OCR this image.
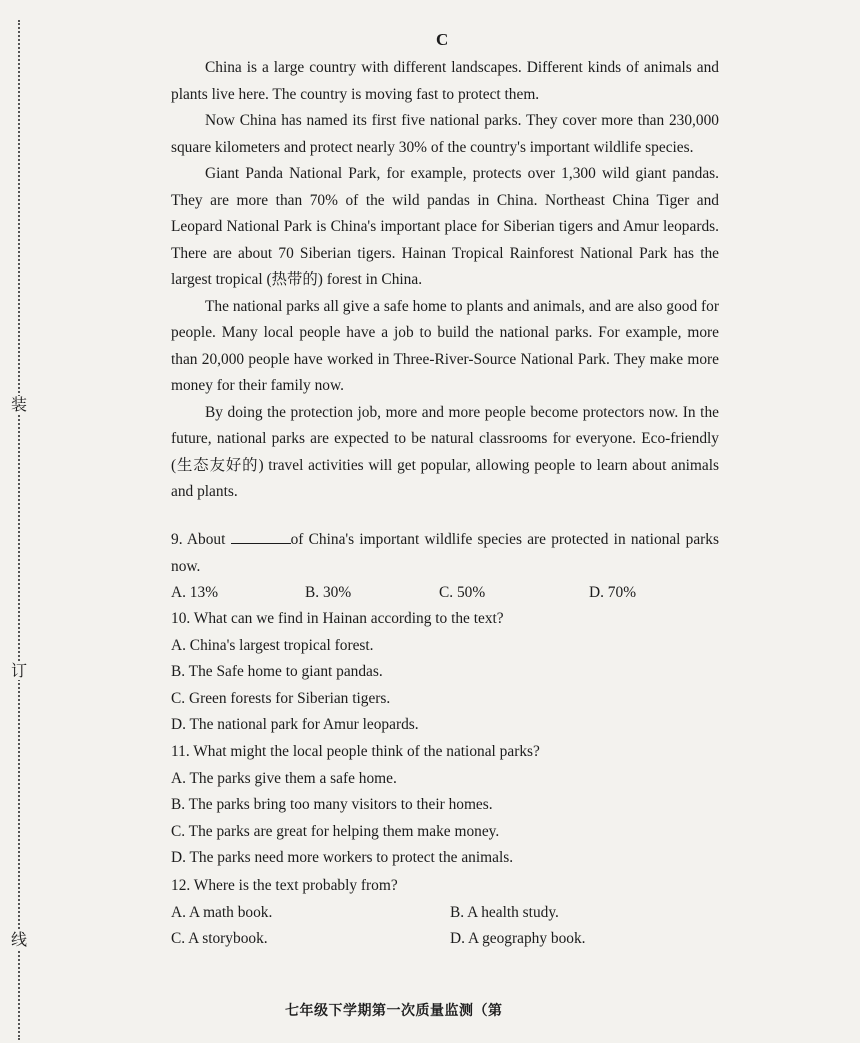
装
订
线
C

China is a large country with different landscapes. Different kinds of animals and plants live here. The country is moving fast to protect them.

Now China has named its first five national parks. They cover more than 230,000 square kilometers and protect nearly 30% of the country's important wildlife species.

Giant Panda National Park, for example, protects over 1,300 wild giant pandas. They are more than 70% of the wild pandas in China. Northeast China Tiger and Leopard National Park is China's important place for Siberian tigers and Amur leopards. There are about 70 Siberian tigers. Hainan Tropical Rainforest National Park has the largest tropical (热带的) forest in China.

The national parks all give a safe home to plants and animals, and are also good for people. Many local people have a job to build the national parks. For example, more than 20,000 people have worked in Three-River-Source National Park. They make more money for their family now.

By doing the protection job, more and more people become protectors now. In the future, national parks are expected to be natural classrooms for everyone. Eco-friendly (生态友好的) travel activities will get popular, allowing people to learn about animals and plants.

9. About	of China's important wildlife species are protected in national parks now.

A. 13%	B. 30%	C. 50%	D. 70%

10. What can we find in Hainan according to the text?

A. China's largest tropical forest.

B. The Safe home to giant pandas.

C. Green forests for Siberian tigers.

D. The national park for Amur leopards.

11. What might the local people think of the national parks?

A. The parks give them a safe home.

B. The parks bring too many visitors to their homes.

C. The parks are great for helping them make money.

D. The parks need more workers to protect the animals.

12. Where is the text probably from?

A. A math book.	B. A health study.

C. A storybook.	D. A geography book.

七年级下学期第一次质量监测（第
